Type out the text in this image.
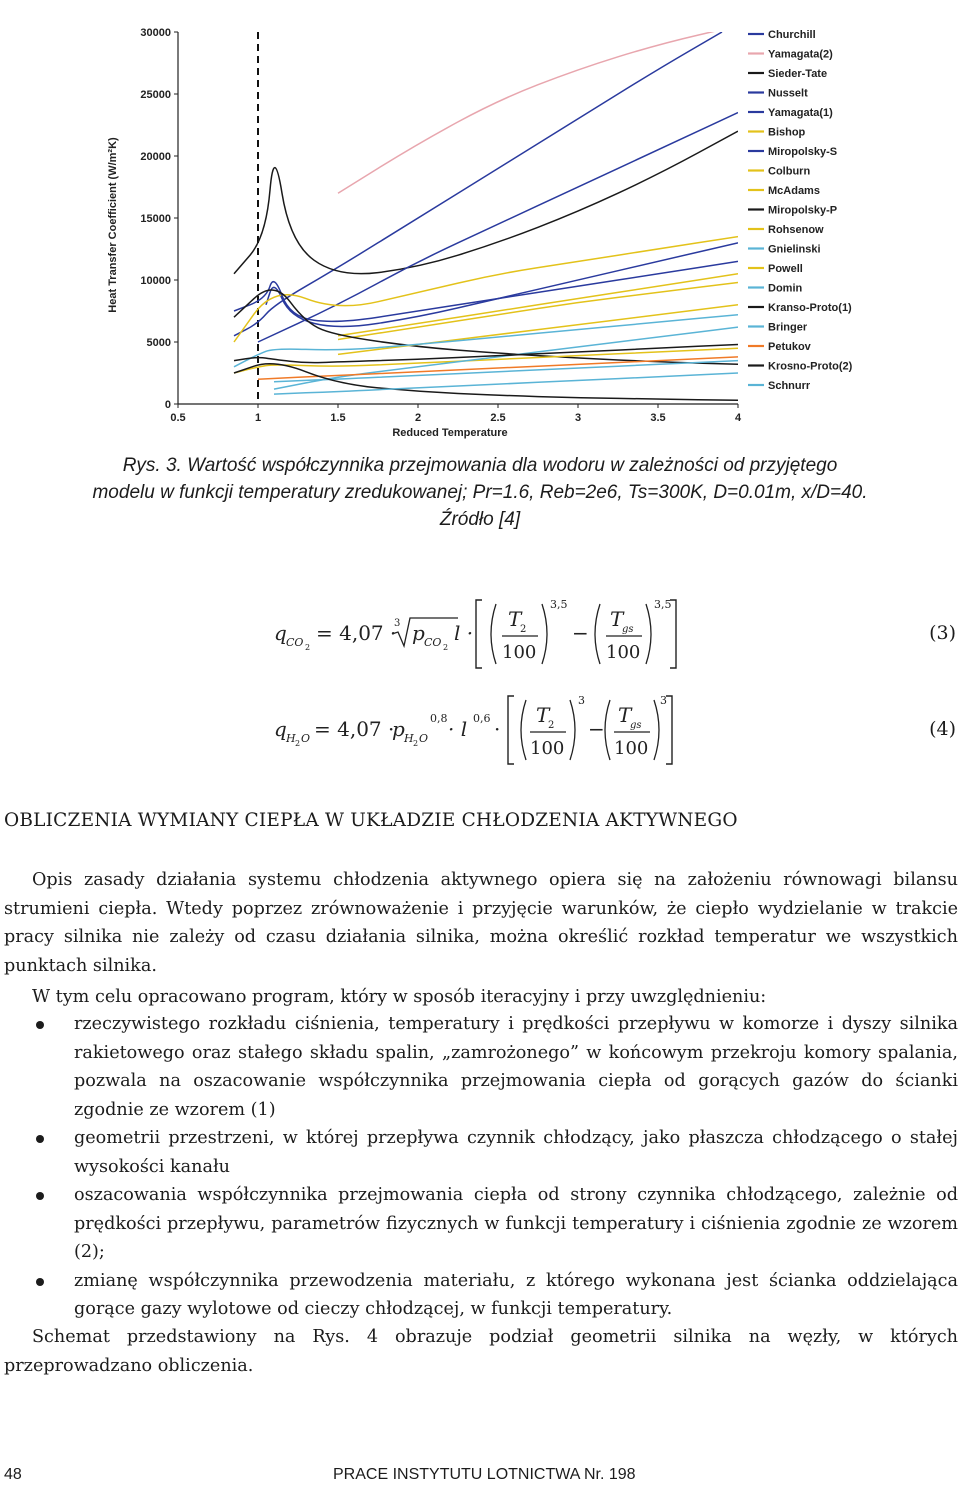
0
5000
10000
15000
20000
25000
30000
0.5	1	1.5	2	2.5	3	3.5	4
Churchill
Yamagata(2)
Sieder-Tate
Nusselt
Yamagata(1)
Bishop
Miropolsky-S
Colburn
McAdams
Miropolsky-P
Rohsenow
Gnielinski
Powell
Domin
Kranso-Proto(1)
Bringer
Petukov
Krosno-Proto(2)
Schnurr
Reduced Temperature
Heat Transfer Coefficient (W/m²K)
Rys. 3. Wartość współczynnika przejmowania dla wodoru w zależności od przyjętego
modelu w funkcji temperatury zredukowanej; Pr=1.6, Reb=2e6, Ts=300K, D=0.01m, x/D=40.
Źródło [4]
q CO 2
= 4,07 ·
3 p CO 2
l ·
T
2
100
3,5
−
T
gs
100
3,5
(3)
q H 2 O = 4,07 ·
p H 2 O
0,8 · l 0,6 ·
T
2
100
3
−
T
gs
100
3
(4)
OBLICZENIA WYMIANY CIEPŁA W UKŁADZIE CHŁODZENIA AKTYWNEGO
Opis zasady działania systemu chłodzenia aktywnego opiera się na założeniu równowagi bilansu strumieni ciepła. Wtedy poprzez zrównoważenie i przyjęcie warunków, że ciepło wydzielanie w trakcie pracy silnika nie zależy od czasu działania silnika, można określić rozkład temperatur we wszystkich punktach silnika.
W tym celu opracowano program, który w sposób iteracyjny i przy uwzględnieniu:
rzeczywistego rozkładu ciśnienia, temperatury i prędkości przepływu w komorze i dyszy silnika rakietowego oraz stałego składu spalin, „zamrożonego” w końcowym przekroju komory spalania, pozwala na oszacowanie współczynnika przejmowania ciepła od gorących gazów do ścianki zgodnie ze wzorem (1)
geometrii przestrzeni, w której przepływa czynnik chłodzący, jako płaszcza chłodzącego o stałej wysokości kanału
oszacowania współczynnika przejmowania ciepła od strony czynnika chłodzącego, zależnie od prędkości przepływu, parametrów fizycznych w funkcji temperatury i ciśnienia zgodnie ze wzorem (2);
zmianę współczynnika przewodzenia materiału, z którego wykonana jest ścianka oddzielająca gorące gazy wylotowe od cieczy chłodzącej, w funkcji temperatury.
Schemat przedstawiony na Rys. 4 obrazuje podział geometrii silnika na węzły, w których przeprowadzano obliczenia.
48	PRACE INSTYTUTU LOTNICTWA Nr. 198
